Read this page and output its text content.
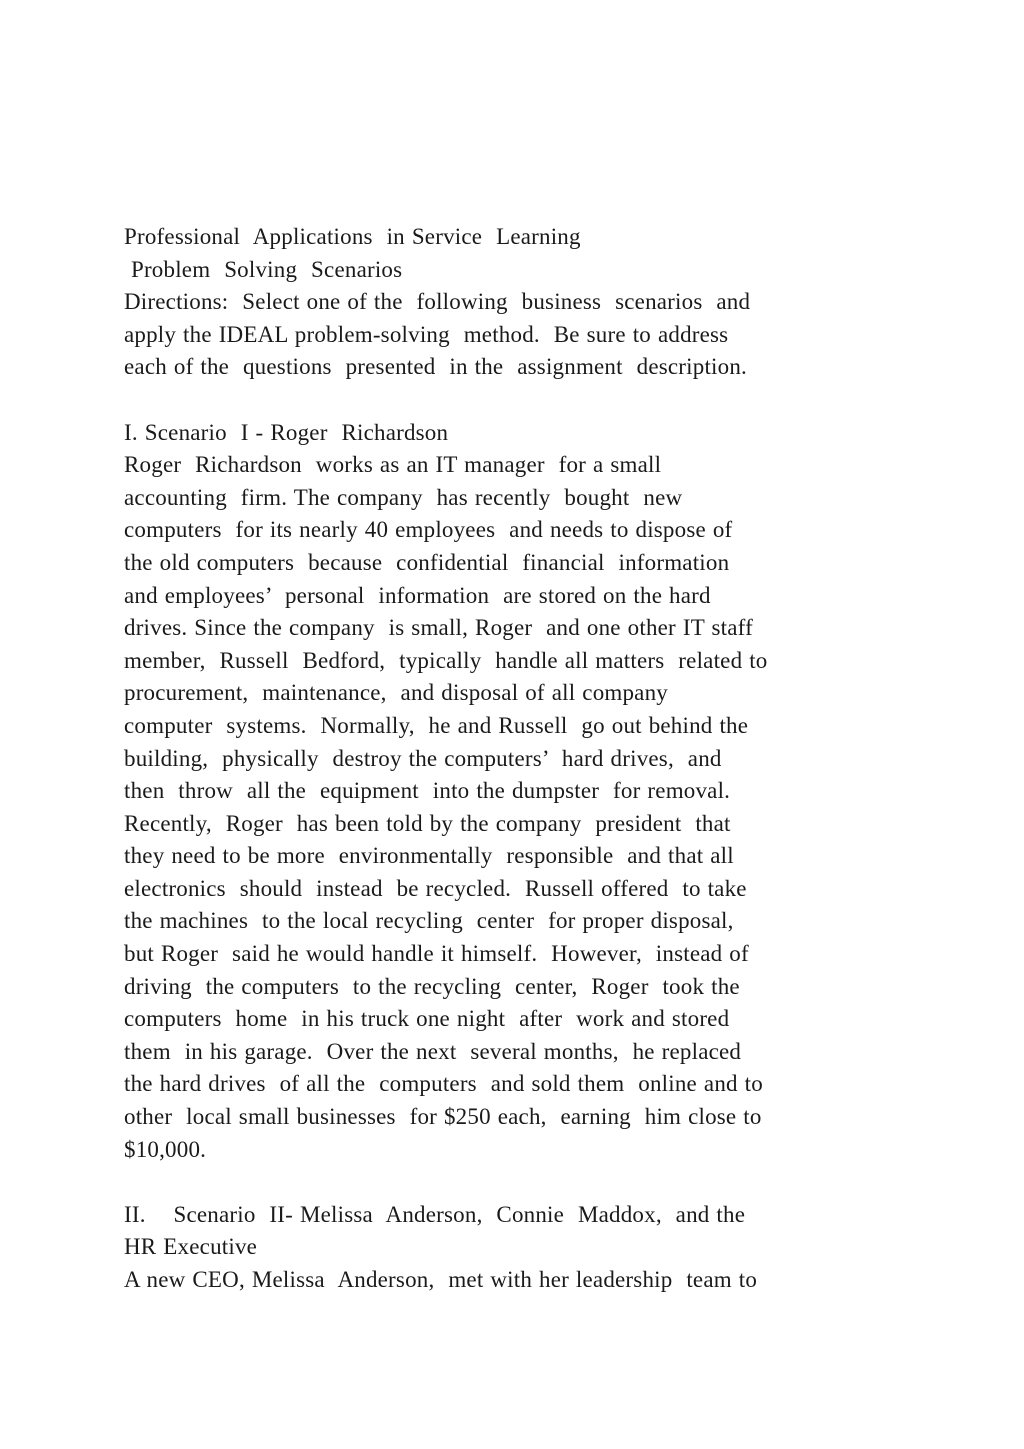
Professional  Applications  in Service  Learning
Problem  Solving  Scenarios
Directions:  Select one of the  following  business  scenarios  and
apply the IDEAL problem-solving  method.  Be sure to address
each of the  questions  presented  in the  assignment  description.
I. Scenario  I - Roger  Richardson
Roger  Richardson  works as an IT manager  for a small
accounting  firm. The company  has recently  bought  new
computers  for its nearly 40 employees  and needs to dispose of
the old computers  because  confidential  financial  information
and employees’  personal  information  are stored on the hard
drives. Since the company  is small, Roger  and one other IT staff
member,  Russell  Bedford,  typically  handle all matters  related to
procurement,  maintenance,  and disposal of all company
computer  systems.  Normally,  he and Russell  go out behind the
building,  physically  destroy the computers’  hard drives,  and
then  throw  all the  equipment  into the dumpster  for removal.
Recently,  Roger  has been told by the company  president  that
they need to be more  environmentally  responsible  and that all
electronics  should  instead  be recycled.  Russell offered  to take
the machines  to the local recycling  center  for proper disposal,
but Roger  said he would handle it himself.  However,  instead of
driving  the computers  to the recycling  center,  Roger  took the
computers  home  in his truck one night  after  work and stored
them  in his garage.  Over the next  several months,  he replaced
the hard drives  of all the  computers  and sold them  online and to
other  local small businesses  for $250 each,  earning  him close to
$10,000.
II.    Scenario  II- Melissa  Anderson,  Connie  Maddox,  and the
HR Executive
A new CEO, Melissa  Anderson,  met with her leadership  team to
